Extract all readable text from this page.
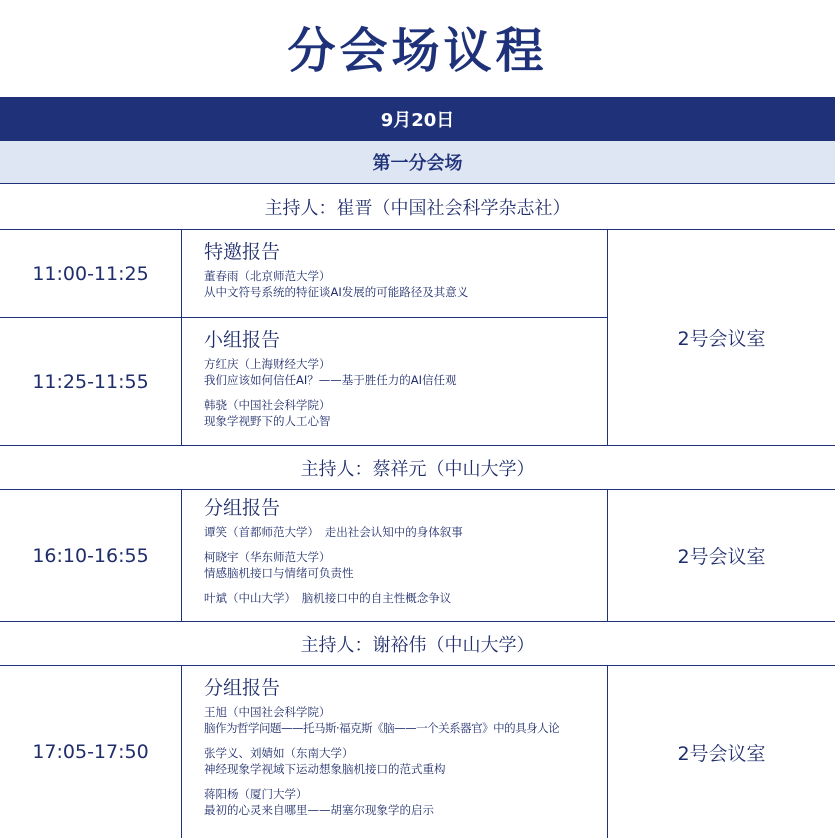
分会场议程
9月20日
第一分会场
主持人：崔晋（中国社会科学杂志社）
11:00-11:25
11:25-11:55
特邀报告
董春雨（北京师范大学）
从中文符号系统的特征谈AI发展的可能路径及其意义
小组报告
方红庆（上海财经大学）
我们应该如何信任AI？——基于胜任力的AI信任观
韩骁（中国社会科学院）
现象学视野下的人工心智
2号会议室
主持人：蔡祥元（中山大学）
16:10-16:55
分组报告
谭笑（首都师范大学）　走出社会认知中的身体叙事
柯晓宇（华东师范大学）
情感脑机接口与情绪可负责性
叶斌（中山大学）　脑机接口中的自主性概念争议
2号会议室
主持人：谢裕伟（中山大学）
17:05-17:50
分组报告
王旭（中国社会科学院）
脑作为哲学问题——托马斯·福克斯《脑——一个关系器官》中的具身人论
张学义、刘婧如（东南大学）
神经现象学视域下运动想象脑机接口的范式重构
蒋阳杨（厦门大学）
最初的心灵来自哪里——胡塞尔现象学的启示
2号会议室
